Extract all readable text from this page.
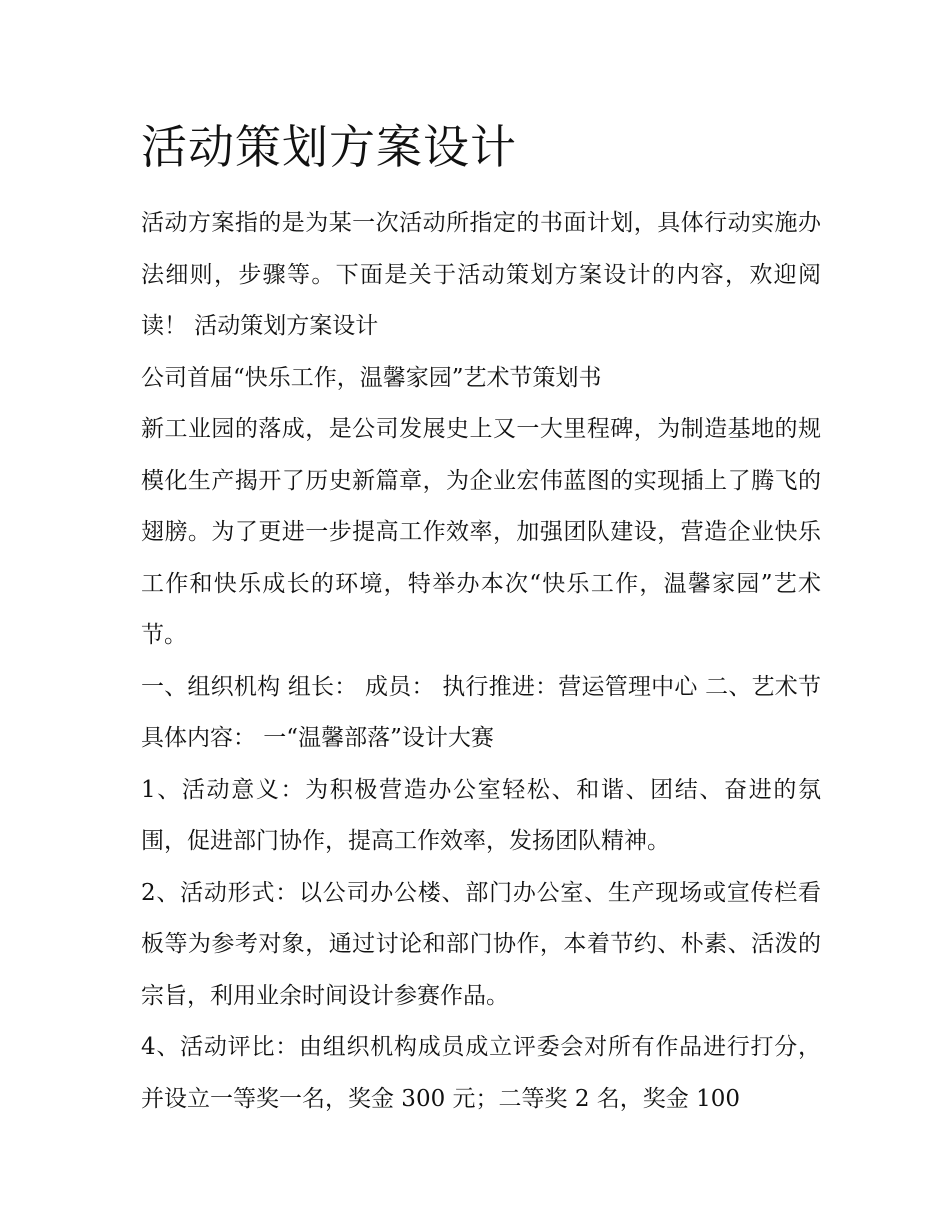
活动策划方案设计

活动方案指的是为某一次活动所指定的书面计划，具体行动实施办法细则，步骤等。下面是关于活动策划方案设计的内容，欢迎阅读！ 活动策划方案设计

公司首届“快乐工作，温馨家园”艺术节策划书

新工业园的落成，是公司发展史上又一大里程碑，为制造基地的规模化生产揭开了历史新篇章，为企业宏伟蓝图的实现插上了腾飞的翅膀。为了更进一步提高工作效率，加强团队建设，营造企业快乐工作和快乐成长的环境，特举办本次“快乐工作，温馨家园”艺术节。

一、组织机构 组长： 成员： 执行推进：营运管理中心 二、艺术节具体内容： 一“温馨部落”设计大赛

1、活动意义：为积极营造办公室轻松、和谐、团结、奋进的氛围，促进部门协作，提高工作效率，发扬团队精神。

2、活动形式：以公司办公楼、部门办公室、生产现场或宣传栏看板等为参考对象，通过讨论和部门协作，本着节约、朴素、活泼的宗旨，利用业余时间设计参赛作品。

4、活动评比：由组织机构成员成立评委会对所有作品进行打分，并设立一等奖一名，奖金 300 元；二等奖 2 名，奖金 100
